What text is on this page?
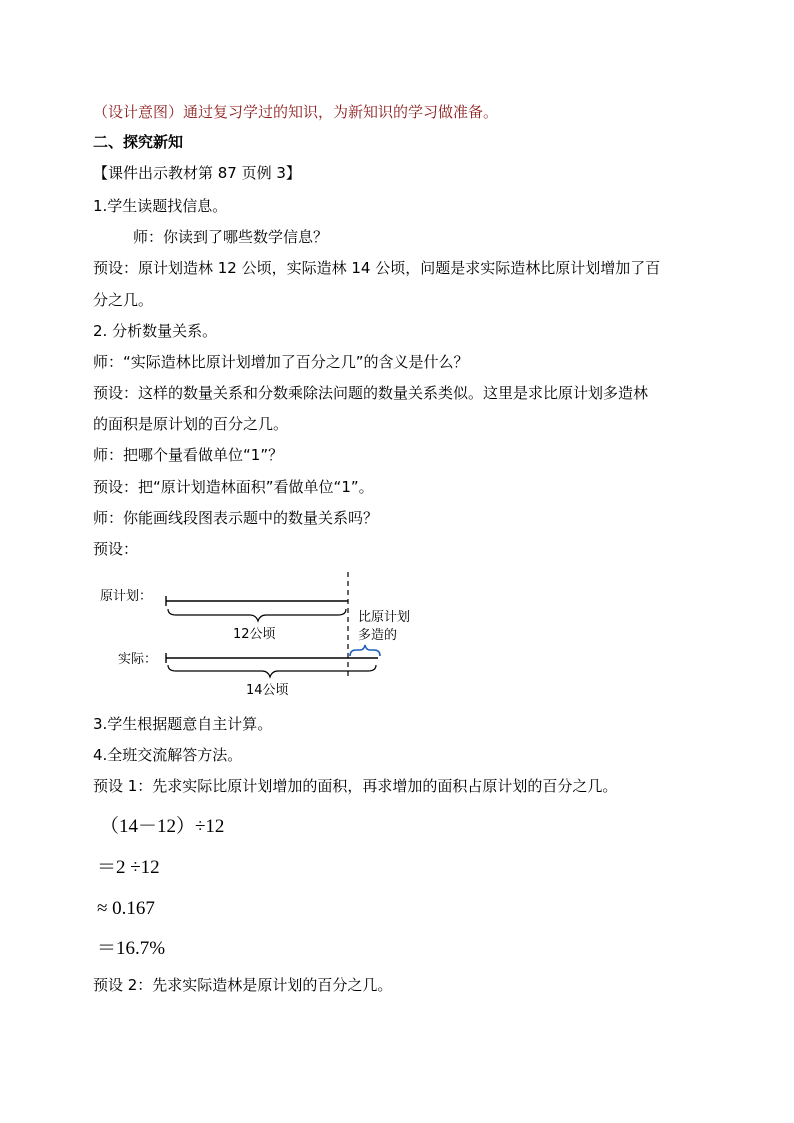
（设计意图）通过复习学过的知识，为新知识的学习做准备。
二、探究新知
【课件出示教材第 87 页例 3】
1.学生读题找信息。
师：你读到了哪些数学信息？
预设：原计划造林 12 公顷，实际造林 14 公顷，问题是求实际造林比原计划增加了百
分之几。
2. 分析数量关系。
师：“实际造林比原计划增加了百分之几”的含义是什么？
预设：这样的数量关系和分数乘除法问题的数量关系类似。这里是求比原计划多造林
的面积是原计划的百分之几。
师：把哪个量看做单位“1”？
预设：把“原计划造林面积”看做单位“1”。
师：你能画线段图表示题中的数量关系吗？
预设：
原计划：
实际：
12公顷
比原计划
多造的
14公顷
3.学生根据题意自主计算。
4.全班交流解答方法。
预设 1：先求实际比原计划增加的面积，再求增加的面积占原计划的百分之几。
（14－12）÷12
＝2 ÷12
≈ 0.167
＝16.7%
预设 2：先求实际造林是原计划的百分之几。
